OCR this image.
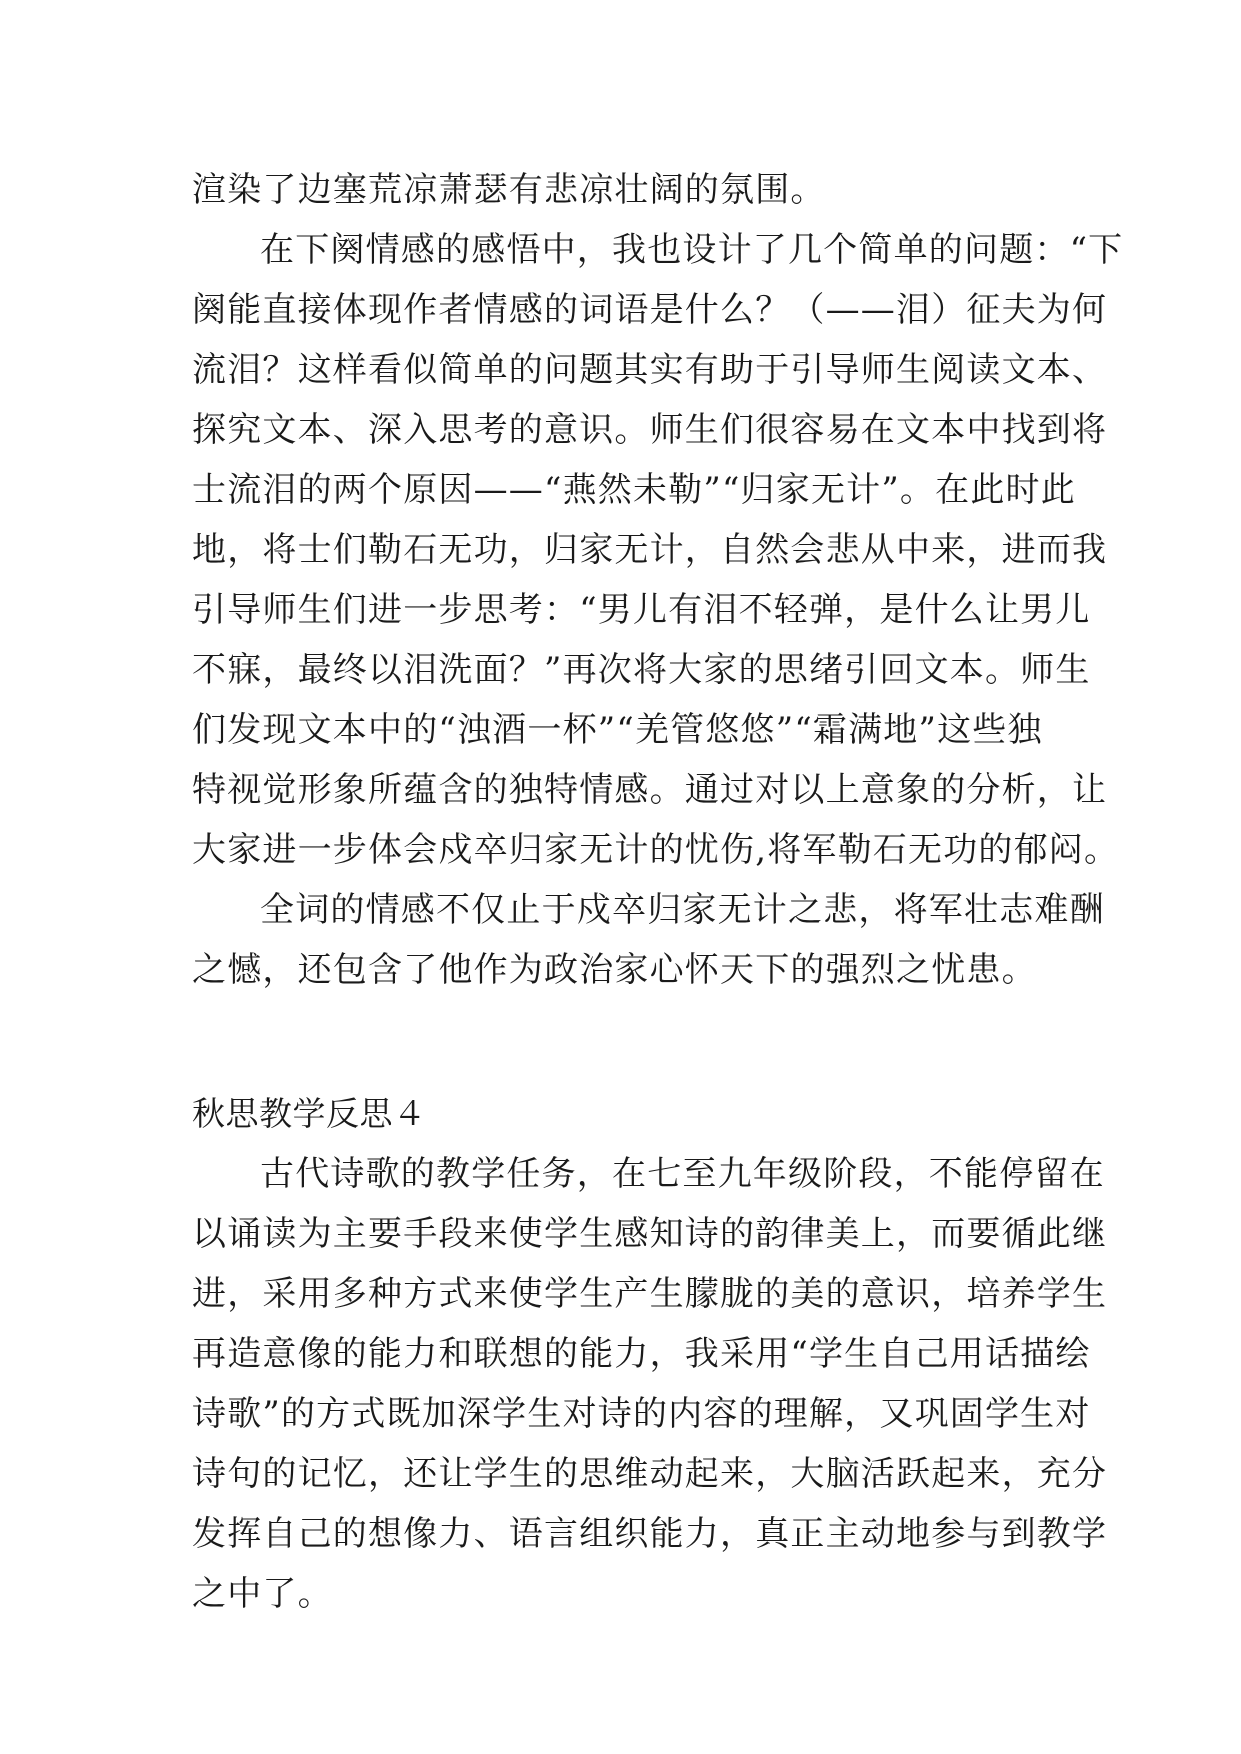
渲染了边塞荒凉萧瑟有悲凉壮阔的氛围。
在下阕情感的感悟中，我也设计了几个简单的问题：“下
阕能直接体现作者情感的词语是什么？（——泪）征夫为何
流泪？这样看似简单的问题其实有助于引导师生阅读文本、
探究文本、深入思考的意识。师生们很容易在文本中找到将
士流泪的两个原因——“燕然未勒”“归家无计”。在此时此
地，将士们勒石无功，归家无计，自然会悲从中来，进而我
引导师生们进一步思考：“男儿有泪不轻弹，是什么让男儿
不寐，最终以泪洗面？”再次将大家的思绪引回文本。师生
们发现文本中的“浊酒一杯”“羌管悠悠”“霜满地”这些独
特视觉形象所蕴含的独特情感。通过对以上意象的分析，让
大家进一步体会戍卒归家无计的忧伤,将军勒石无功的郁闷。
全词的情感不仅止于戍卒归家无计之悲，将军壮志难酬
之憾，还包含了他作为政治家心怀天下的强烈之忧患。
秋思教学反思４
古代诗歌的教学任务，在七至九年级阶段，不能停留在
以诵读为主要手段来使学生感知诗的韵律美上，而要循此继
进，采用多种方式来使学生产生朦胧的美的意识，培养学生
再造意像的能力和联想的能力，我采用“学生自己用话描绘
诗歌”的方式既加深学生对诗的内容的理解，又巩固学生对
诗句的记忆，还让学生的思维动起来，大脑活跃起来，充分
发挥自己的想像力、语言组织能力，真正主动地参与到教学
之中了。
